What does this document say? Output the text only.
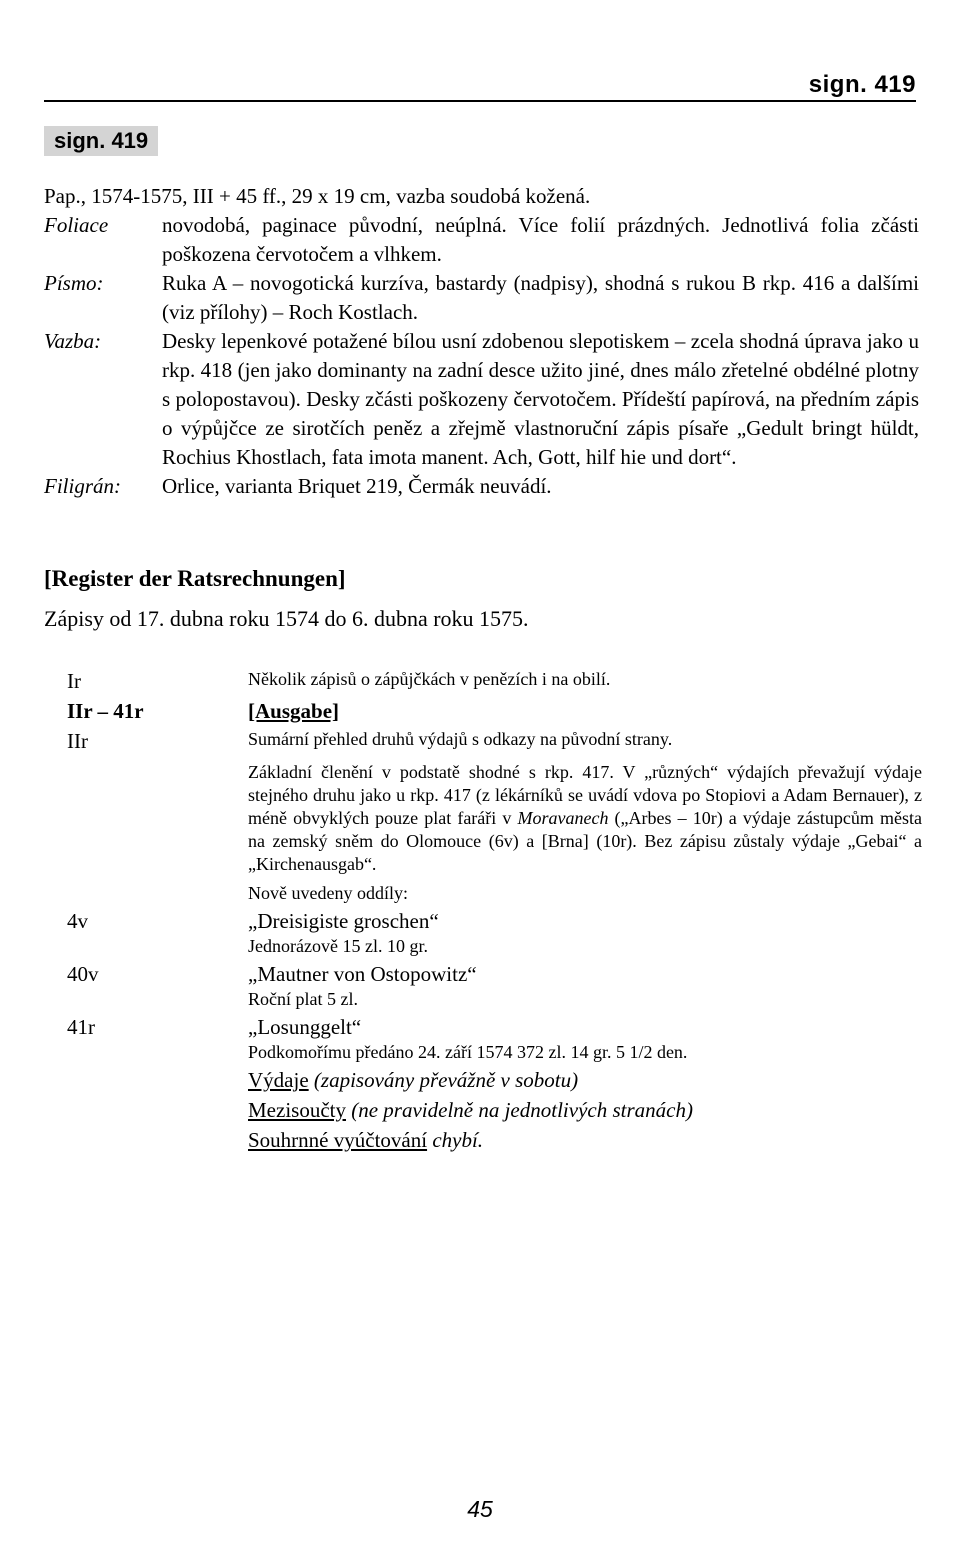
sign. 419
sign. 419
Pap., 1574-1575, III + 45 ff., 29 x 19 cm, vazba soudobá kožená.
Foliace	novodobá, paginace původní, neúplná. Více folií prázdných. Jednotlivá folia zčásti poškozena červotočem a vlhkem.
Písmo:	Ruka A – novogotická kurzíva, bastardy (nadpisy), shodná s rukou B rkp. 416 a dalšími (viz přílohy) – Roch Kostlach.
Vazba:	Desky lepenkové potažené bílou usní zdobenou slepotiskem – zcela shodná úprava jako u rkp. 418 (jen jako dominanty na zadní desce užito jiné, dnes málo zřetelné obdélné plotny s polopostavou). Desky zčásti poškozeny červotočem. Přídeští papírová, na předním zápis o výpůjčce ze sirotčích peněz a zřejmě vlastnoruční zápis písaře „Gedult bringt hüldt, Rochius Khostlach, fata imota manent. Ach, Gott, hilf hie und dort“.
Filigrán:	Orlice, varianta Briquet 219, Čermák neuvádí.
[Register der Ratsrechnungen]
Zápisy od 17. dubna roku 1574 do 6. dubna roku 1575.
Ir	Několik zápisů o zápůjčkách v penězích i na obilí.
IIr – 41r	[Ausgabe]
IIr	Sumární přehled druhů výdajů s odkazy na původní strany.
Základní členění v podstatě shodné s rkp. 417. V „různých“ výdajích převažují výdaje stejného druhu jako u rkp. 417 (z lékárníků se uvádí vdova po Stopiovi a Adam Bernauer), z méně obvyklých pouze plat faráři v Moravanech („Arbes – 10r) a výdaje zástupcům města na zemský sněm do Olomouce (6v) a [Brna] (10r). Bez zápisu zůstaly výdaje „Gebai“ a „Kirchenausgab“.
Nově uvedeny oddíly:
4v	„Dreisigiste groschen“
Jednorázově 15 zl. 10 gr.
40v	„Mautner von Ostopowitz“
Roční plat 5 zl.
41r	„Losunggelt“
Podkomořímu předáno 24. září 1574 372 zl. 14 gr. 5 1/2 den.
Výdaje (zapisovány převážně v sobotu)
Mezisoučty (ne pravidelně na jednotlivých stranách)
Souhrnné vyúčtování chybí.
45
